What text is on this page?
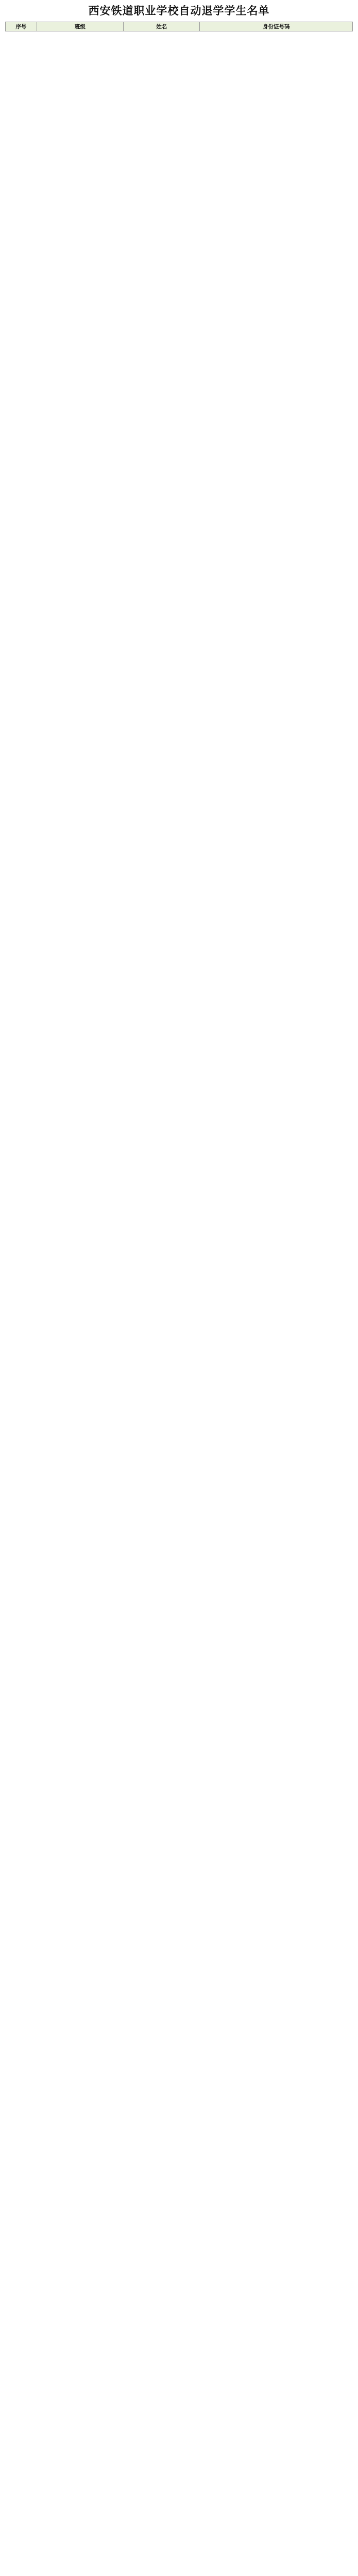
西安铁道职业学校自动退学学生名单
序号	班级	姓名	身份证号码
